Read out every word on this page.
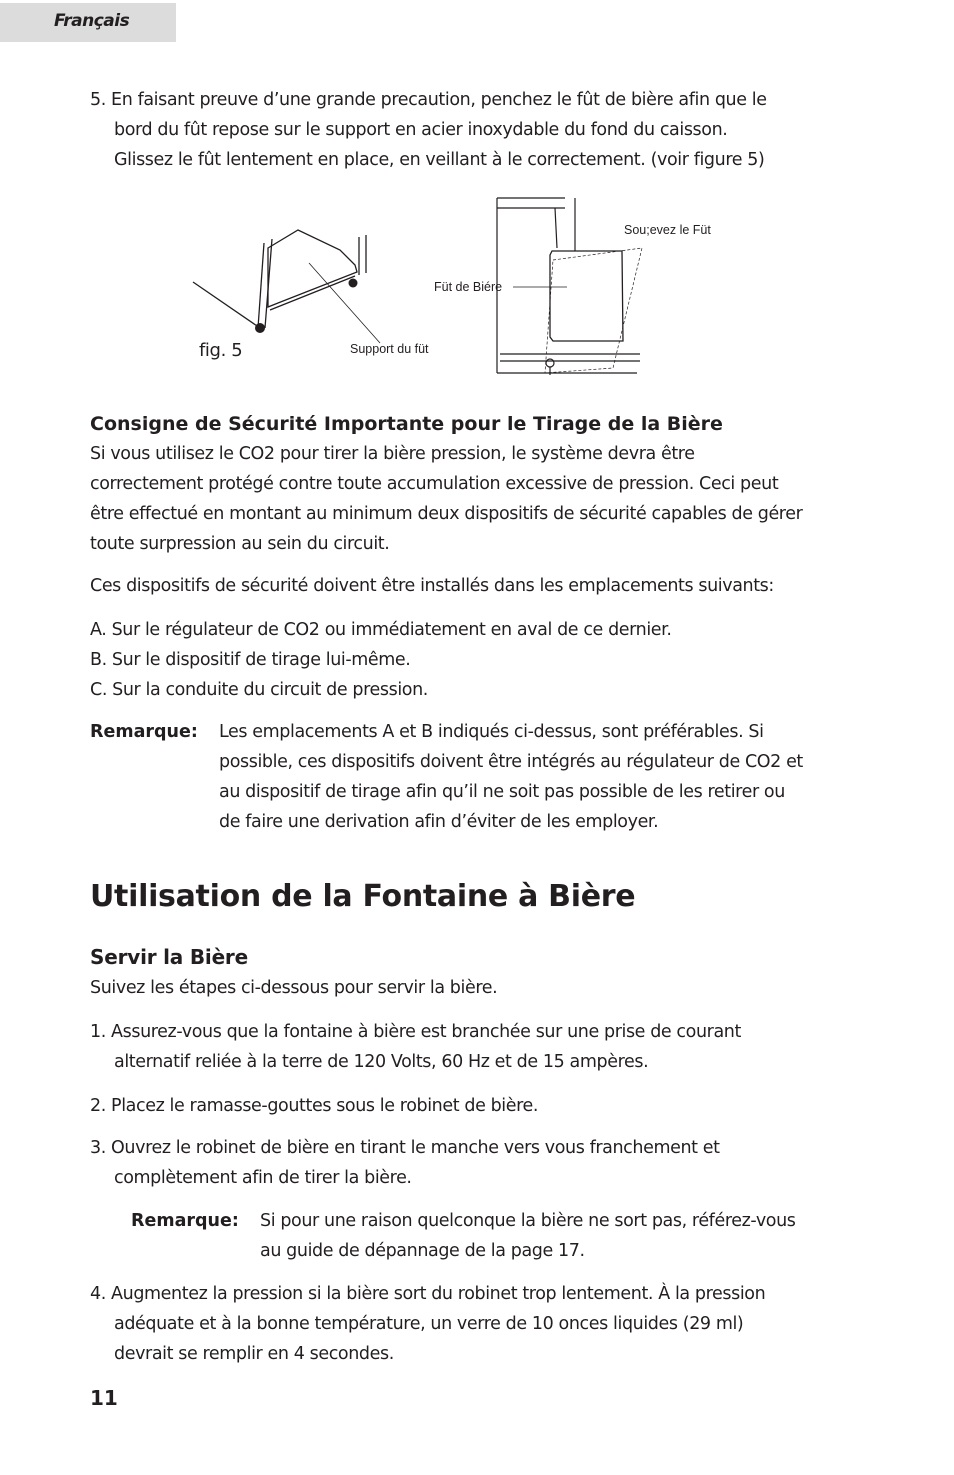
Français
5. En faisant preuve d’une grande precaution, penchez le fût de bière afin que le
bord du fût repose sur le support en acier inoxydable du fond du caisson.
Glissez le fût lentement en place, en veillant à le correctement. (voir figure 5)
fig. 5	Support du füt
Füt de Biére
Sou;evez le Füt
Consigne de Sécurité Importante pour le Tirage de la Bière
Si vous utilisez le CO2 pour tirer la bière pression, le système devra être
correctement protégé contre toute accumulation excessive de pression. Ceci peut
être effectué en montant au minimum deux dispositifs de sécurité capables de gérer
toute surpression au sein du circuit.
Ces dispositifs de sécurité doivent être installés dans les emplacements suivants:
A. Sur le régulateur de CO2 ou immédiatement en aval de ce dernier.
B. Sur le dispositif de tirage lui-même.
C. Sur la conduite du circuit de pression.
Remarque: Les emplacements A et B indiqués ci-dessus, sont préférables. Si
possible, ces dispositifs doivent être intégrés au régulateur de CO2 et
au dispositif de tirage afin qu’il ne soit pas possible de les retirer ou
de faire une derivation afin d’éviter de les employer.
Utilisation de la Fontaine à Bière
Servir la Bière
Suivez les étapes ci-dessous pour servir la bière.
1. Assurez-vous que la fontaine à bière est branchée sur une prise de courant
alternatif reliée à la terre de 120 Volts, 60 Hz et de 15 ampères.
2. Placez le ramasse-gouttes sous le robinet de bière.
3. Ouvrez le robinet de bière en tirant le manche vers vous franchement et
complètement afin de tirer la bière.
Remarque: Si pour une raison quelconque la bière ne sort pas, référez-vous
au guide de dépannage de la page 17.
4. Augmentez la pression si la bière sort du robinet trop lentement. À la pression
adéquate et à la bonne température, un verre de 10 onces liquides (29 ml)
devrait se remplir en 4 secondes.
11
